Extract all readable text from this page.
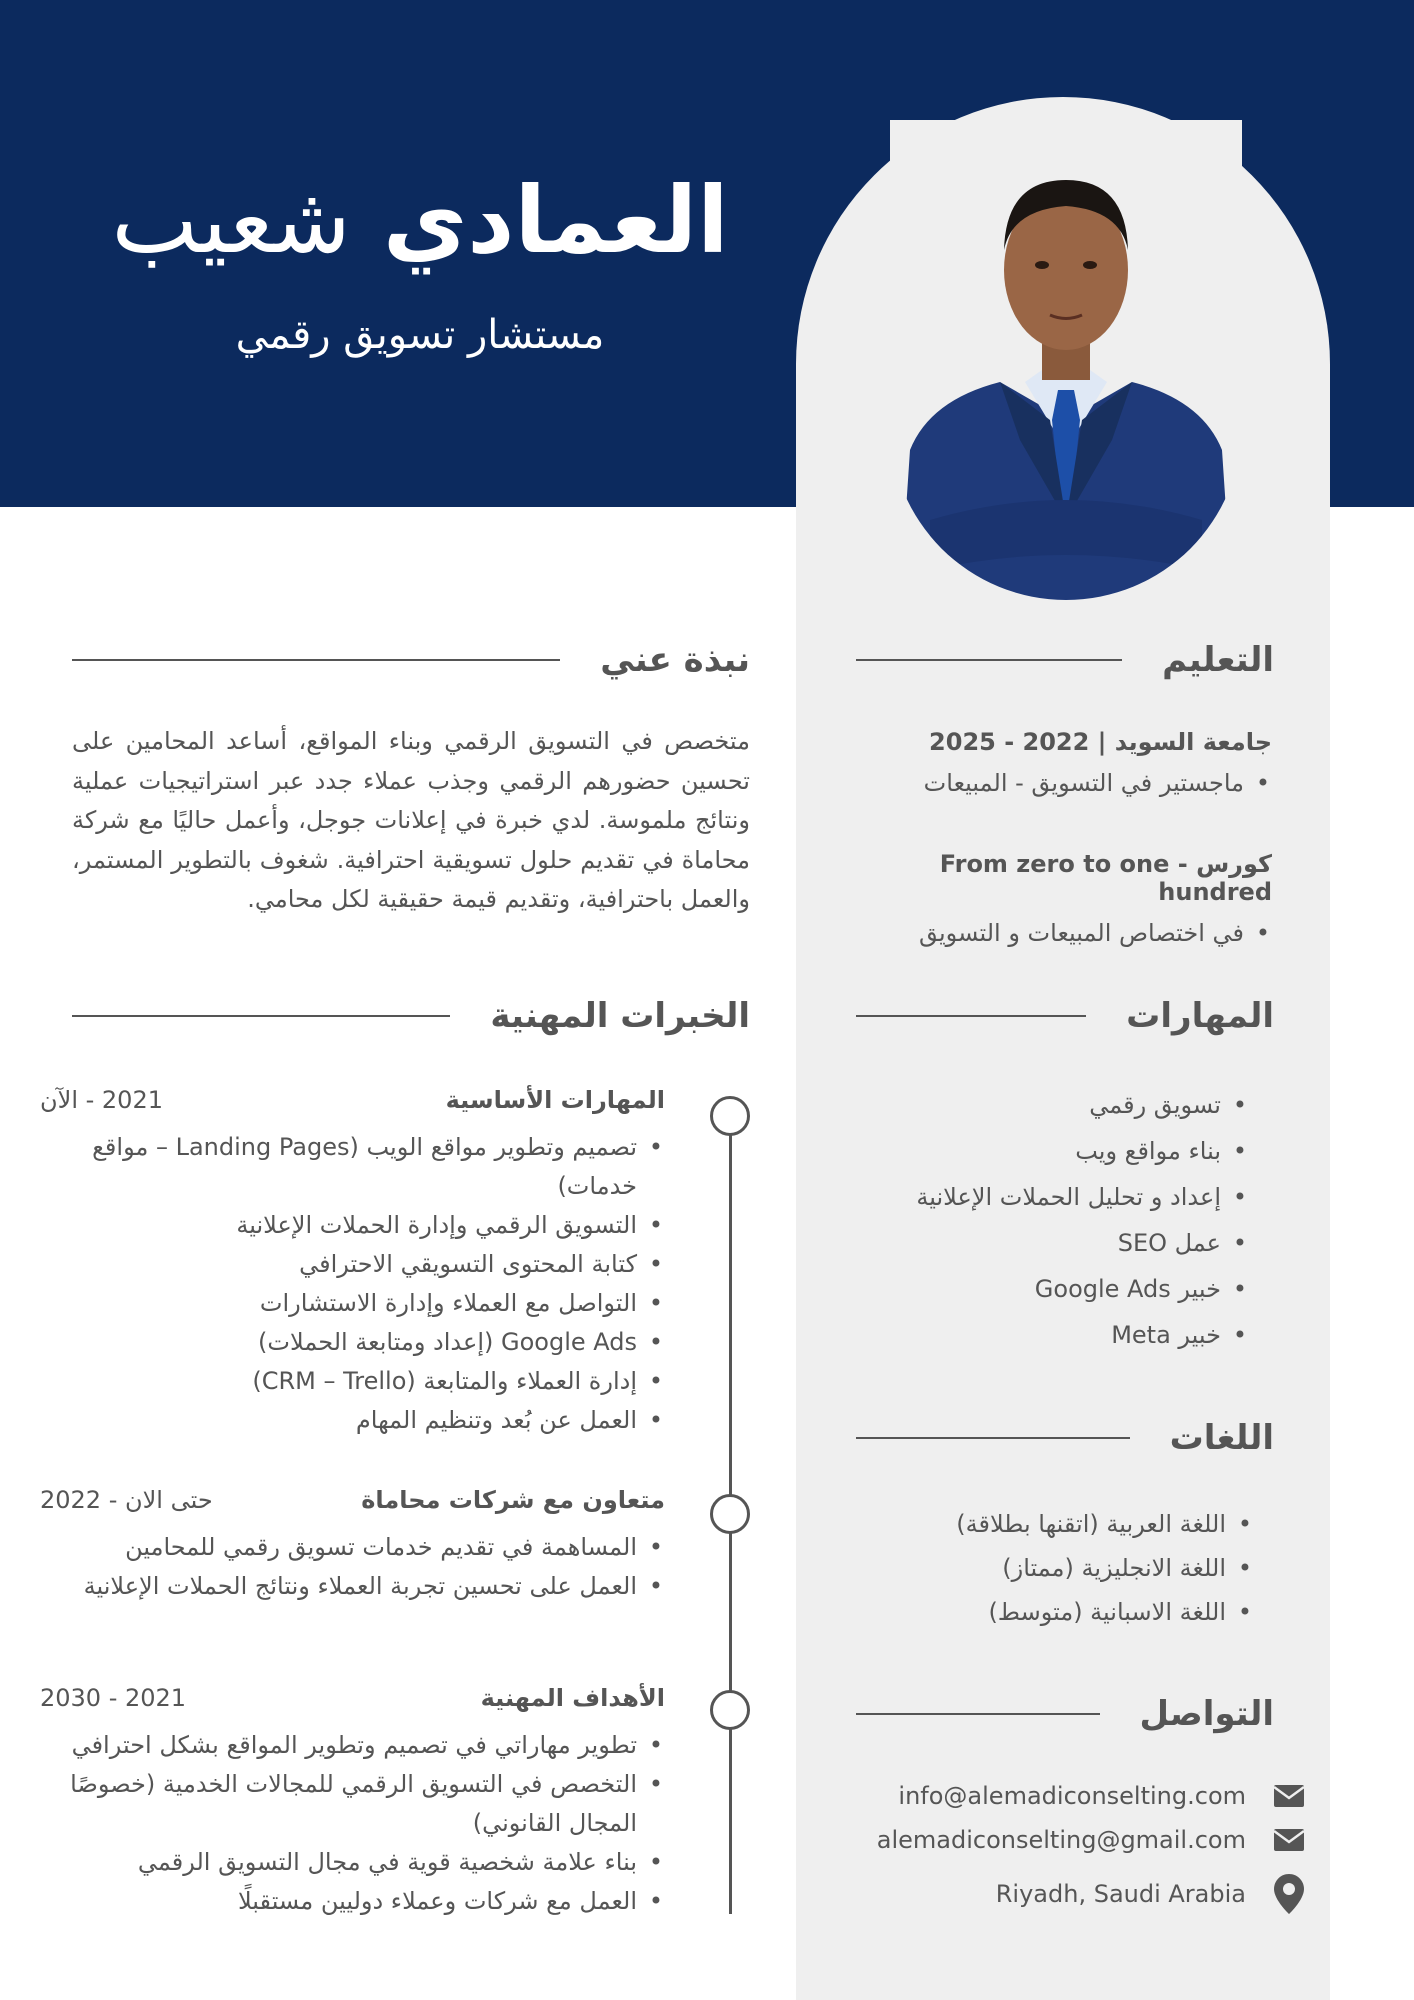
العمادي شعيب
مستشار تسويق رقمي
نبذة عني

متخصص في التسويق الرقمي وبناء المواقع، أساعد المحامين على تحسين حضورهم الرقمي وجذب عملاء جدد عبر استراتيجيات عملية ونتائج ملموسة. لدي خبرة في إعلانات جوجل، وأعمل حاليًا مع شركة محاماة في تقديم حلول تسويقية احترافية. شغوف بالتطوير المستمر، والعمل باحترافية، وتقديم قيمة حقيقية لكل محامي.

التعليم
جامعة السويد | 2022 - 2025
• ماجستير في التسويق - المبيعات
كورس - From zero to one hundred
• في اختصاص المبيعات و التسويق
المهارات
• تسويق رقمي
• بناء مواقع ويب
• إعداد و تحليل الحملات الإعلانية
• عمل SEO
• خبير Google Ads
• خبير Meta
اللغات
• اللغة العربية (اتقنها بطلاقة)
• اللغة الانجليزية (ممتاز)
• اللغة الاسبانية (متوسط)
التواصل
info@alemadiconselting.com
alemadiconselting@gmail.com
Riyadh, Saudi Arabia
الخبرات المهنية
المهارات الأساسية
2021 - الآن
• تصميم وتطوير مواقع الويب (Landing Pages – مواقع خدمات)
• التسويق الرقمي وإدارة الحملات الإعلانية
• كتابة المحتوى التسويقي الاحترافي
• التواصل مع العملاء وإدارة الاستشارات
• Google Ads (إعداد ومتابعة الحملات)
• إدارة العملاء والمتابعة (CRM – Trello)
• العمل عن بُعد وتنظيم المهام
متعاون مع شركات محاماة
حتى الان - 2022
• المساهمة في تقديم خدمات تسويق رقمي للمحامين
• العمل على تحسين تجربة العملاء ونتائج الحملات الإعلانية
الأهداف المهنية
2021 - 2030
• تطوير مهاراتي في تصميم وتطوير المواقع بشكل احترافي
• التخصص في التسويق الرقمي للمجالات الخدمية (خصوصًا المجال القانوني)
• بناء علامة شخصية قوية في مجال التسويق الرقمي
• العمل مع شركات وعملاء دوليين مستقبلًا
